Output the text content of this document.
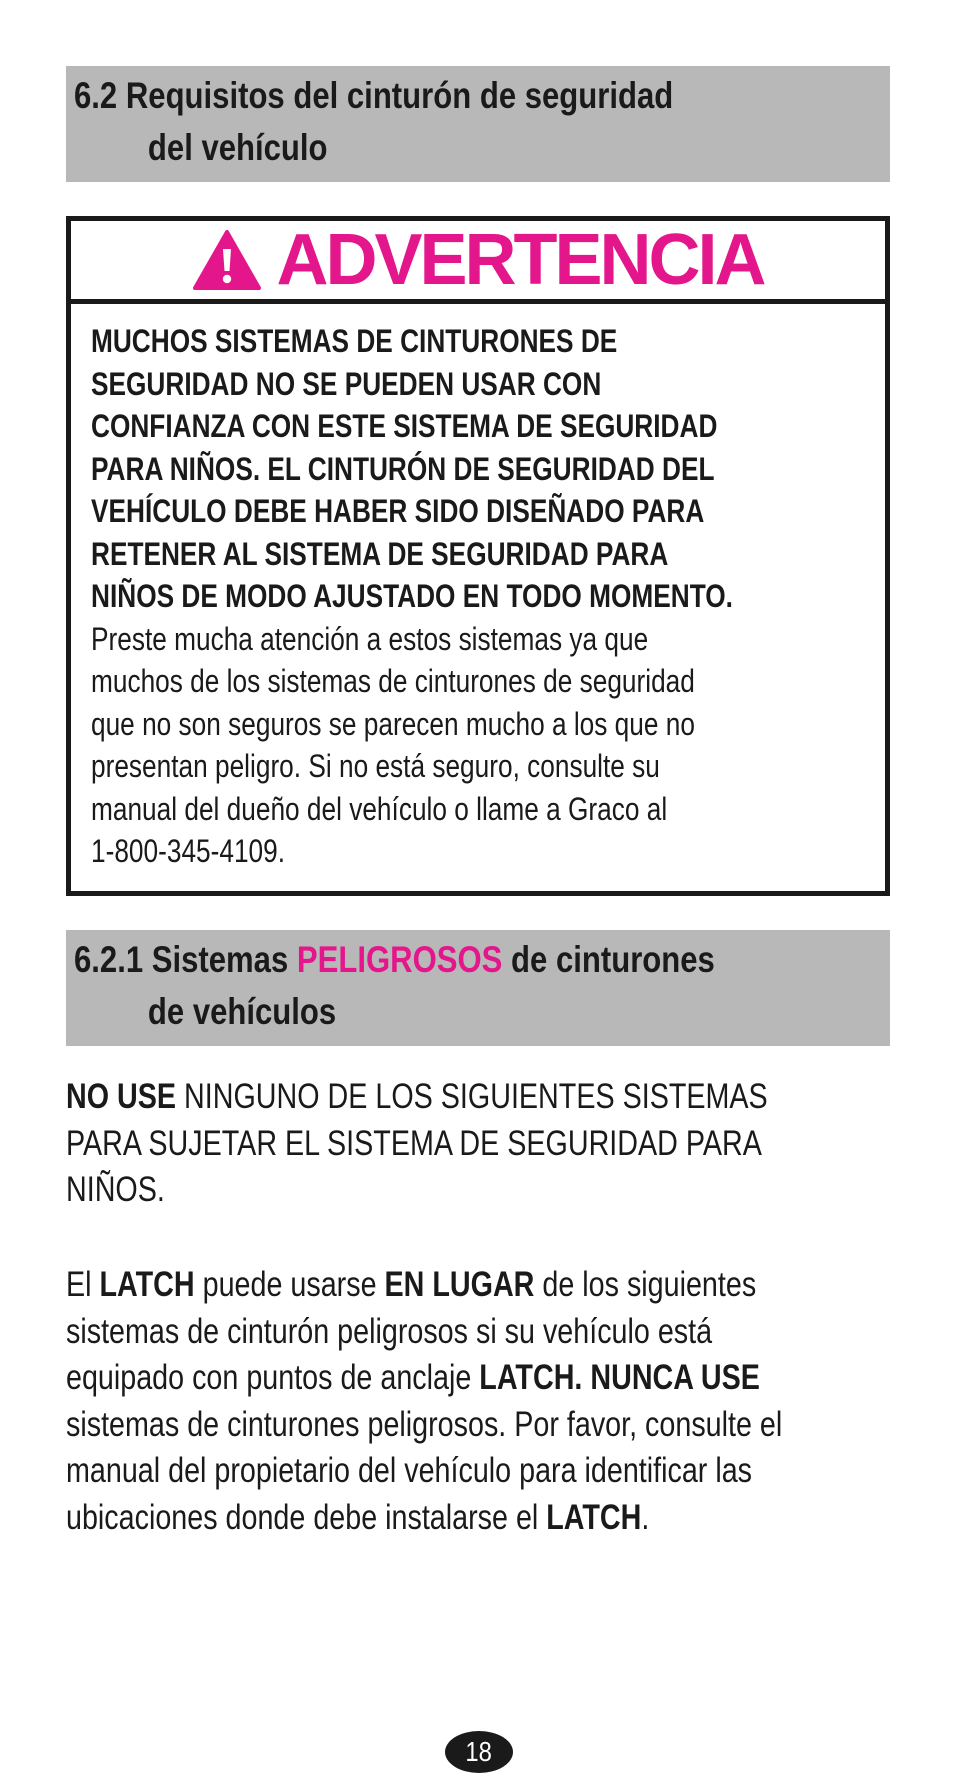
6.2 Requisitos del cinturón de seguridad
del vehículo
ADVERTENCIA
MUCHOS SISTEMAS DE CINTURONES DE
SEGURIDAD NO SE PUEDEN USAR CON
CONFIANZA CON ESTE SISTEMA DE SEGURIDAD
PARA NIÑOS. EL CINTURÓN DE SEGURIDAD DEL
VEHÍCULO DEBE HABER SIDO DISEÑADO PARA
RETENER AL SISTEMA DE SEGURIDAD PARA
NIÑOS DE MODO AJUSTADO EN TODO MOMENTO.
Preste mucha atención a estos sistemas ya que
muchos de los sistemas de cinturones de seguridad
que no son seguros se parecen mucho a los que no
presentan peligro. Si no está seguro, consulte su
manual del dueño del vehículo o llame a Graco al
1-800-345-4109.
6.2.1 Sistemas PELIGROSOS de cinturones
de vehículos
NO USE NINGUNO DE LOS SIGUIENTES SISTEMAS
PARA SUJETAR EL SISTEMA DE SEGURIDAD PARA
NIÑOS.
El LATCH puede usarse EN LUGAR de los siguientes
sistemas de cinturón peligrosos si su vehículo está
equipado con puntos de anclaje LATCH. NUNCA USE
sistemas de cinturones peligrosos. Por favor, consulte el
manual del propietario del vehículo para identificar las
ubicaciones donde debe instalarse el LATCH.
18
